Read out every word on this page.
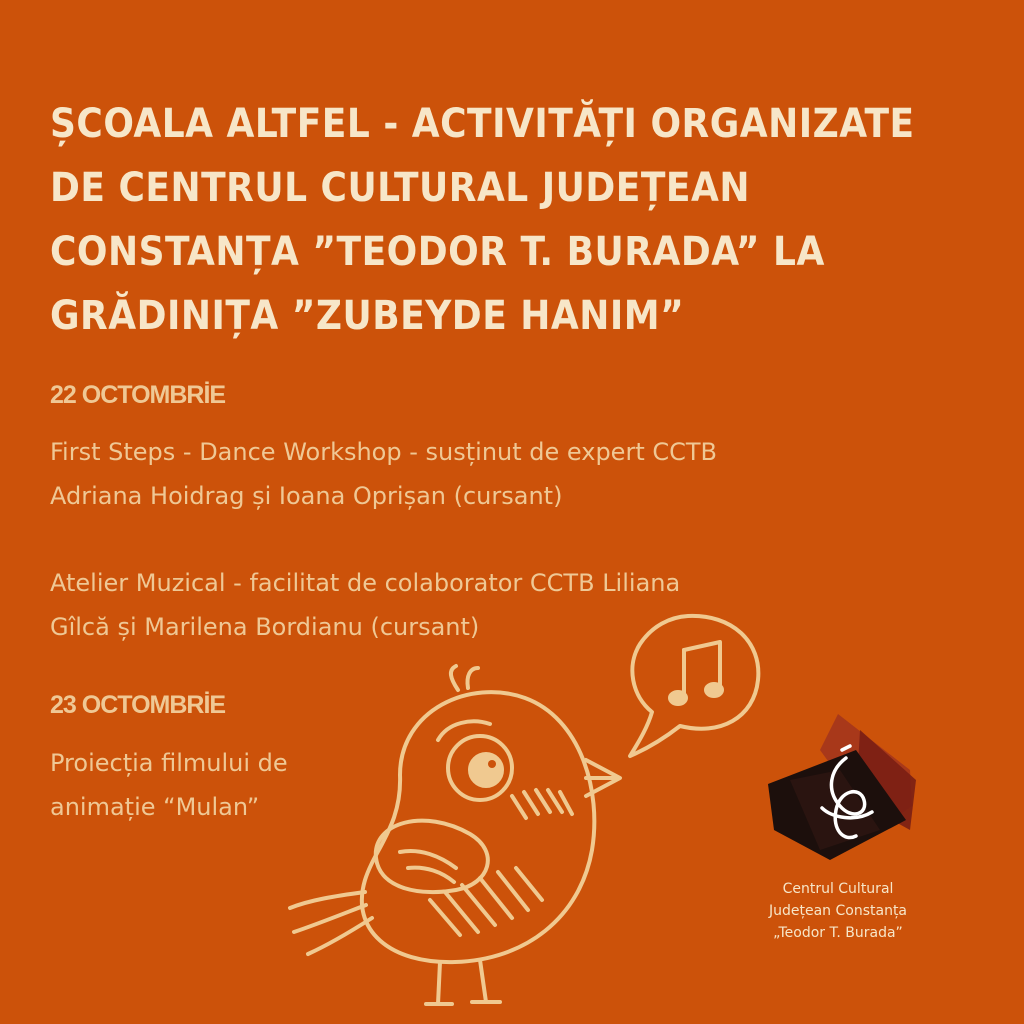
ȘCOALA ALTFEL - ACTIVITĂȚI ORGANIZATE
DE CENTRUL CULTURAL JUDEȚEAN
CONSTANȚA ”TEODOR T. BURADA” LA
GRĂDINIȚA ”ZUBEYDE HANIM”
22 OCTOMBRİE

First Steps - Dance Workshop - susținut de expert CCTB
Adriana Hoidrag și Ioana Oprișan (cursant)

Atelier Muzical - facilitat de colaborator CCTB Liliana
Gîlcă și Marilena Bordianu (cursant)

23 OCTOMBRİE

Proiecția filmului de
animație “Mulan”

Centrul Cultural
Județean Constanța
„Teodor T. Burada”
